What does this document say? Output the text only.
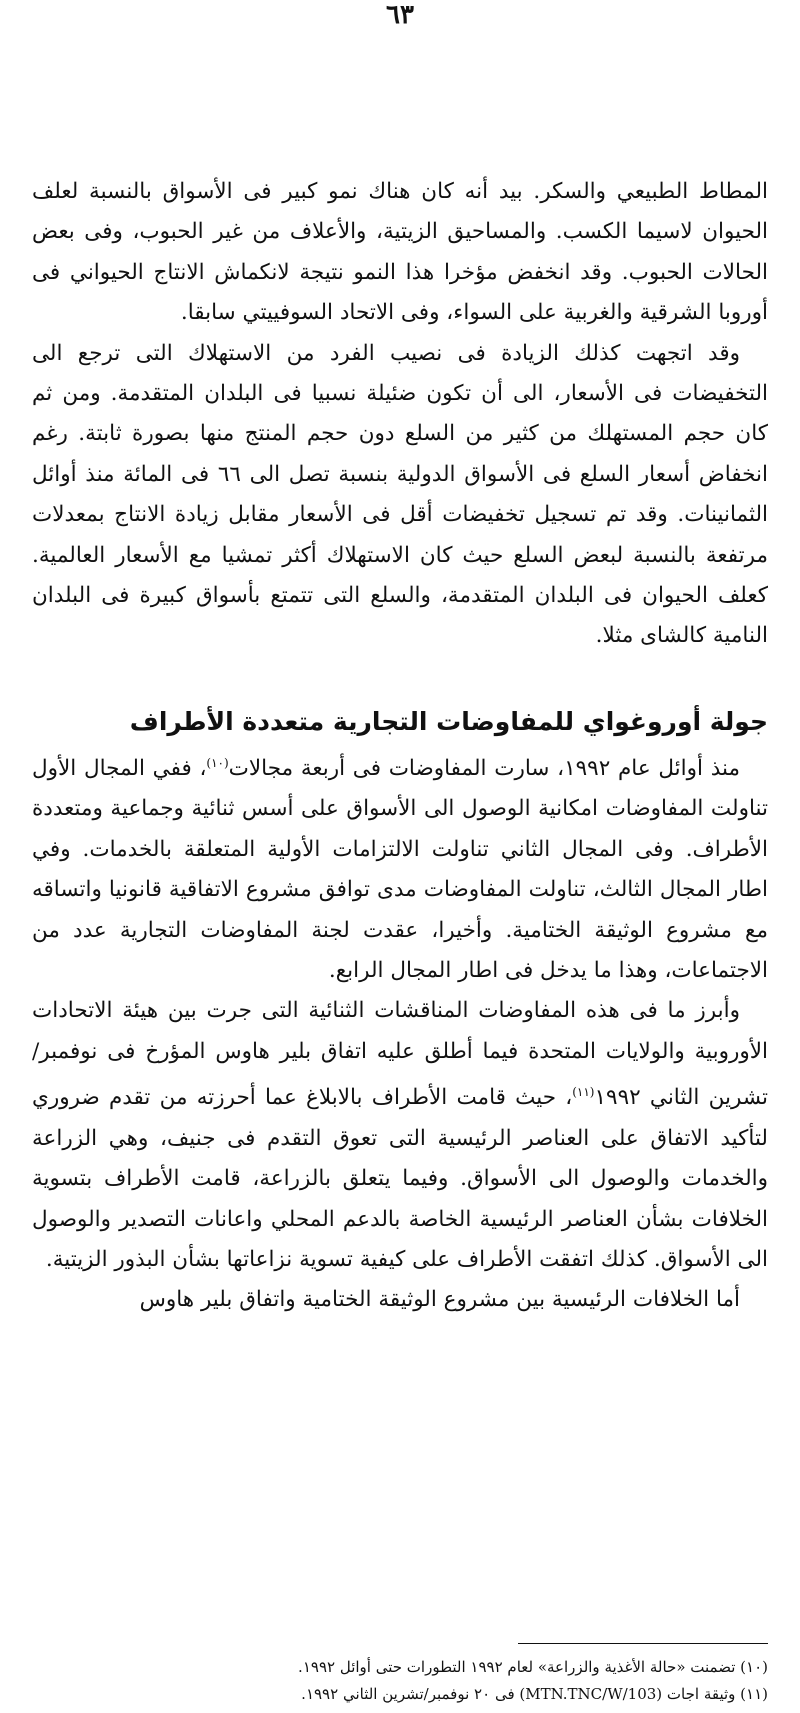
٦٣

المطاط الطبيعي والسكر. بيد أنه كان هناك نمو كبير فى الأسواق بالنسبة لعلف الحيوان لاسيما الكسب. والمساحيق الزيتية، والأعلاف من غير الحبوب، وفى بعض الحالات الحبوب. وقد انخفض مؤخرا هذا النمو نتيجة لانكماش الانتاج الحيواني فى أوروبا الشرقية والغربية على السواء، وفى الاتحاد السوفييتي سابقا.

وقد اتجهت كذلك الزيادة فى نصيب الفرد من الاستهلاك التى ترجع الى التخفيضات فى الأسعار، الى أن تكون ضئيلة نسبيا فى البلدان المتقدمة. ومن ثم كان حجم المستهلك من كثير من السلع دون حجم المنتج منها بصورة ثابتة. رغم انخفاض أسعار السلع فى الأسواق الدولية بنسبة تصل الى ٦٦ فى المائة منذ أوائل الثمانينات. وقد تم تسجيل تخفيضات أقل فى الأسعار مقابل زيادة الانتاج بمعدلات مرتفعة بالنسبة لبعض السلع حيث كان الاستهلاك أكثر تمشيا مع الأسعار العالمية. كعلف الحيوان فى البلدان المتقدمة، والسلع التى تتمتع بأسواق كبيرة فى البلدان النامية كالشاى مثلا.

جولة أوروغواي للمفاوضات التجارية متعددة الأطراف

منذ أوائل عام ١٩٩٢، سارت المفاوضات فى أربعة مجالات$^{(١٠)}$، ففي المجال الأول تناولت المفاوضات امكانية الوصول الى الأسواق على أسس ثنائية وجماعية ومتعددة الأطراف. وفى المجال الثاني تناولت الالتزامات الأولية المتعلقة بالخدمات. وفي اطار المجال الثالث، تناولت المفاوضات مدى توافق مشروع الاتفاقية قانونيا واتساقه مع مشروع الوثيقة الختامية. وأخيرا، عقدت لجنة المفاوضات التجارية عدد من الاجتماعات، وهذا ما يدخل فى اطار المجال الرابع.

وأبرز ما فى هذه المفاوضات المناقشات الثنائية التى جرت بين هيئة الاتحادات الأوروبية والولايات المتحدة فيما أطلق عليه اتفاق بلير هاوس المؤرخ فى نوفمبر/تشرين الثاني ١٩٩٢$^{(١١)}$، حيث قامت الأطراف بالابلاغ عما أحرزته من تقدم ضروري لتأكيد الاتفاق على العناصر الرئيسية التى تعوق التقدم فى جنيف، وهي الزراعة والخدمات والوصول الى الأسواق. وفيما يتعلق بالزراعة، قامت الأطراف بتسوية الخلافات بشأن العناصر الرئيسية الخاصة بالدعم المحلي واعانات التصدير والوصول الى الأسواق. كذلك اتفقت الأطراف على كيفية تسوية نزاعاتها بشأن البذور الزيتية.

أما الخلافات الرئيسية بين مشروع الوثيقة الختامية واتفاق بلير هاوس

(١٠) تضمنت «حالة الأغذية والزراعة» لعام ١٩٩٢ التطورات حتى أوائل ١٩٩٢.

(١١) وثيقة اجات (MTN.TNC/W/103) فى ٢٠ نوفمبر/تشرين الثاني ١٩٩٢.
